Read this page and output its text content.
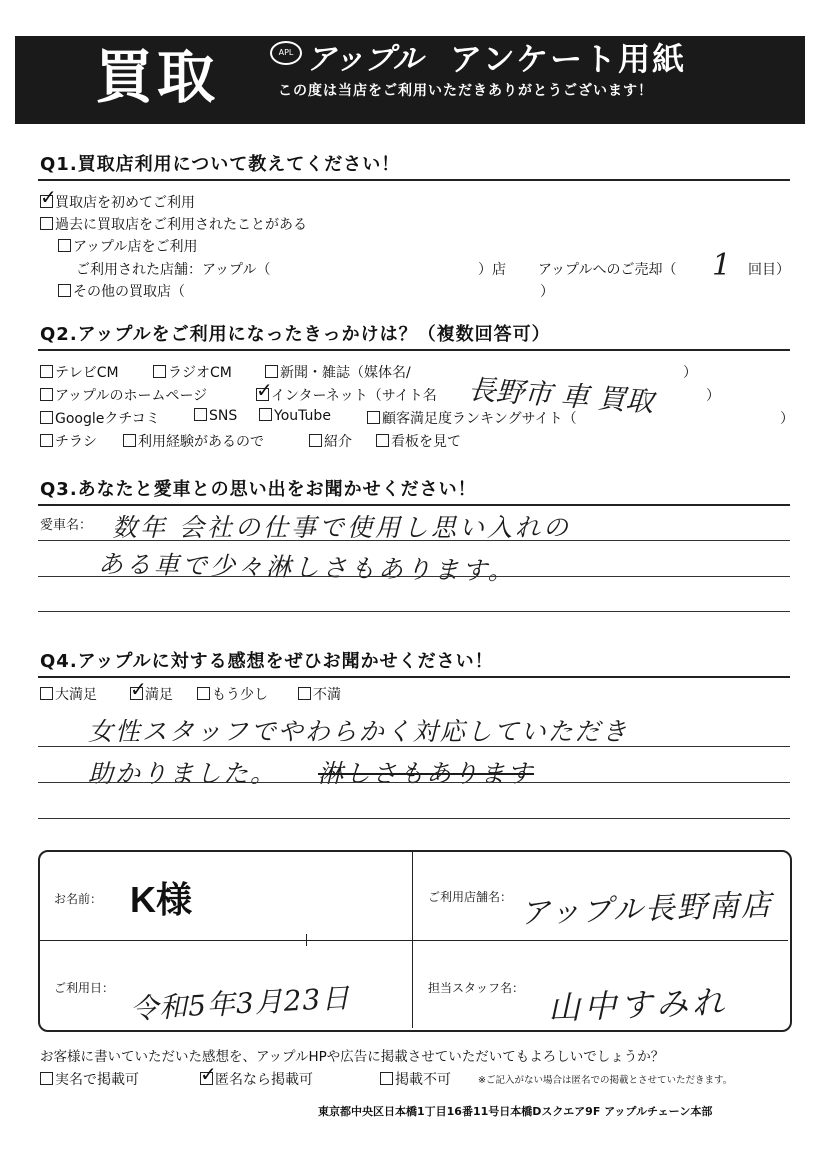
買取	APL アップル アンケート用紙
この度は当店をご利用いただきありがとうございます！
Q1.買取店利用について教えてください！
✓
買取店を初めてご利用
過去に買取店をご利用されたことがある
アップル店をご利用
ご利用された店舗：アップル（	）店 アップルへのご売却（ 1 回目）
その他の買取店（	）
Q2.アップルをご利用になったきっかけは？（複数回答可）
テレビCM	ラジオCM	新聞・雑誌（媒体名/	）
アップルのホームページ ✓
インターネット（サイト名 長野市 車 買取	）
Googleクチコミ	SNS	YouTube	顧客満足度ランキングサイト（	）
チラシ	利用経験があるので	紹介	看板を見て
Q3.あなたと愛車との思い出をお聞かせください！
愛車名： 数年 会社の仕事で使用し思い入れの
ある車で少々淋しさもあります。
Q4.アップルに対する感想をぜひお聞かせください！
大満足 ✓
満足	もう少し	不満
女性スタッフでやわらかく対応していただき
助かりました。 淋しさもあります
お名前： K様	ご利用店舗名： アップル長野南店
ご利用日： 令和5年3月23日	担当スタッフ名： 山中すみれ
お客様に書いていただいた感想を、アップルHPや広告に掲載させていただいてもよろしいでしょうか？
実名で掲載可	✓
匿名なら掲載可	掲載不可	※ご記入がない場合は匿名での掲載とさせていただきます。
東京都中央区日本橋1丁目16番11号日本橋Dスクエア9F アップルチェーン本部
